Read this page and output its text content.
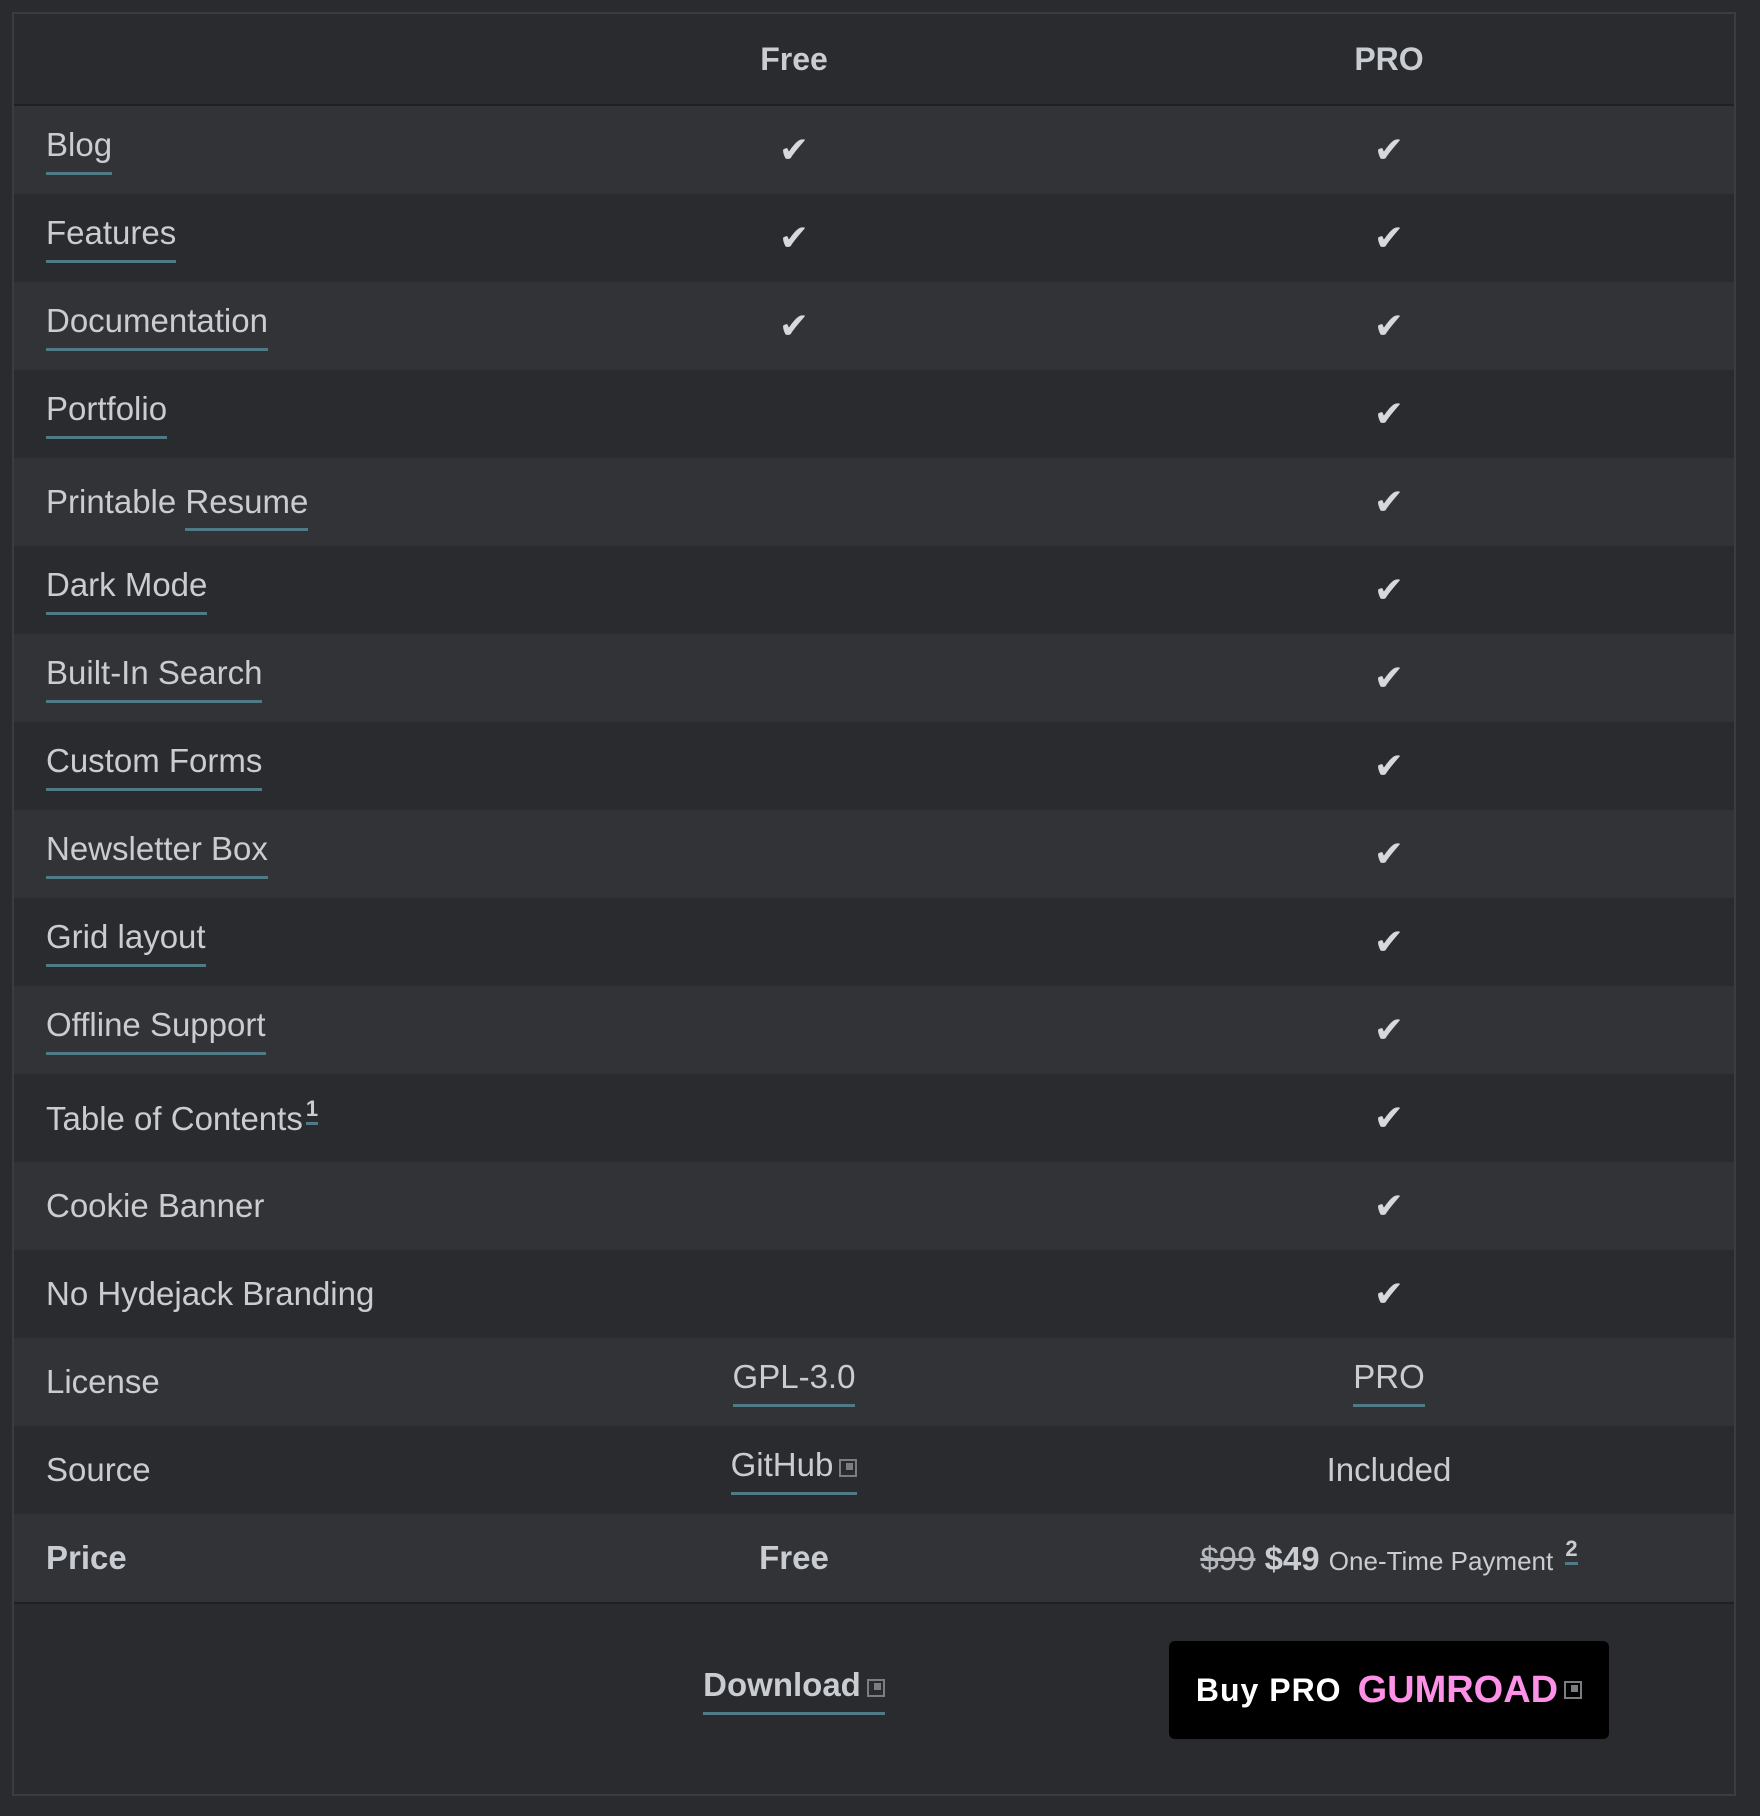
	Free	PRO
Blog	✔	✔
Features	✔	✔
Documentation	✔	✔
Portfolio		✔
Printable Resume		✔
Dark Mode		✔
Built-In Search		✔
Custom Forms		✔
Newsletter Box		✔
Grid layout		✔
Offline Support		✔
Table of Contents $^1$		✔
Cookie Banner		✔
No Hydejack Branding		✔
License	GPL-3.0	PRO
Source	GitHub	Included
Price	Free	$99 $49 One-Time Payment $^2$
	Download	Buy PRO GUMROAD
